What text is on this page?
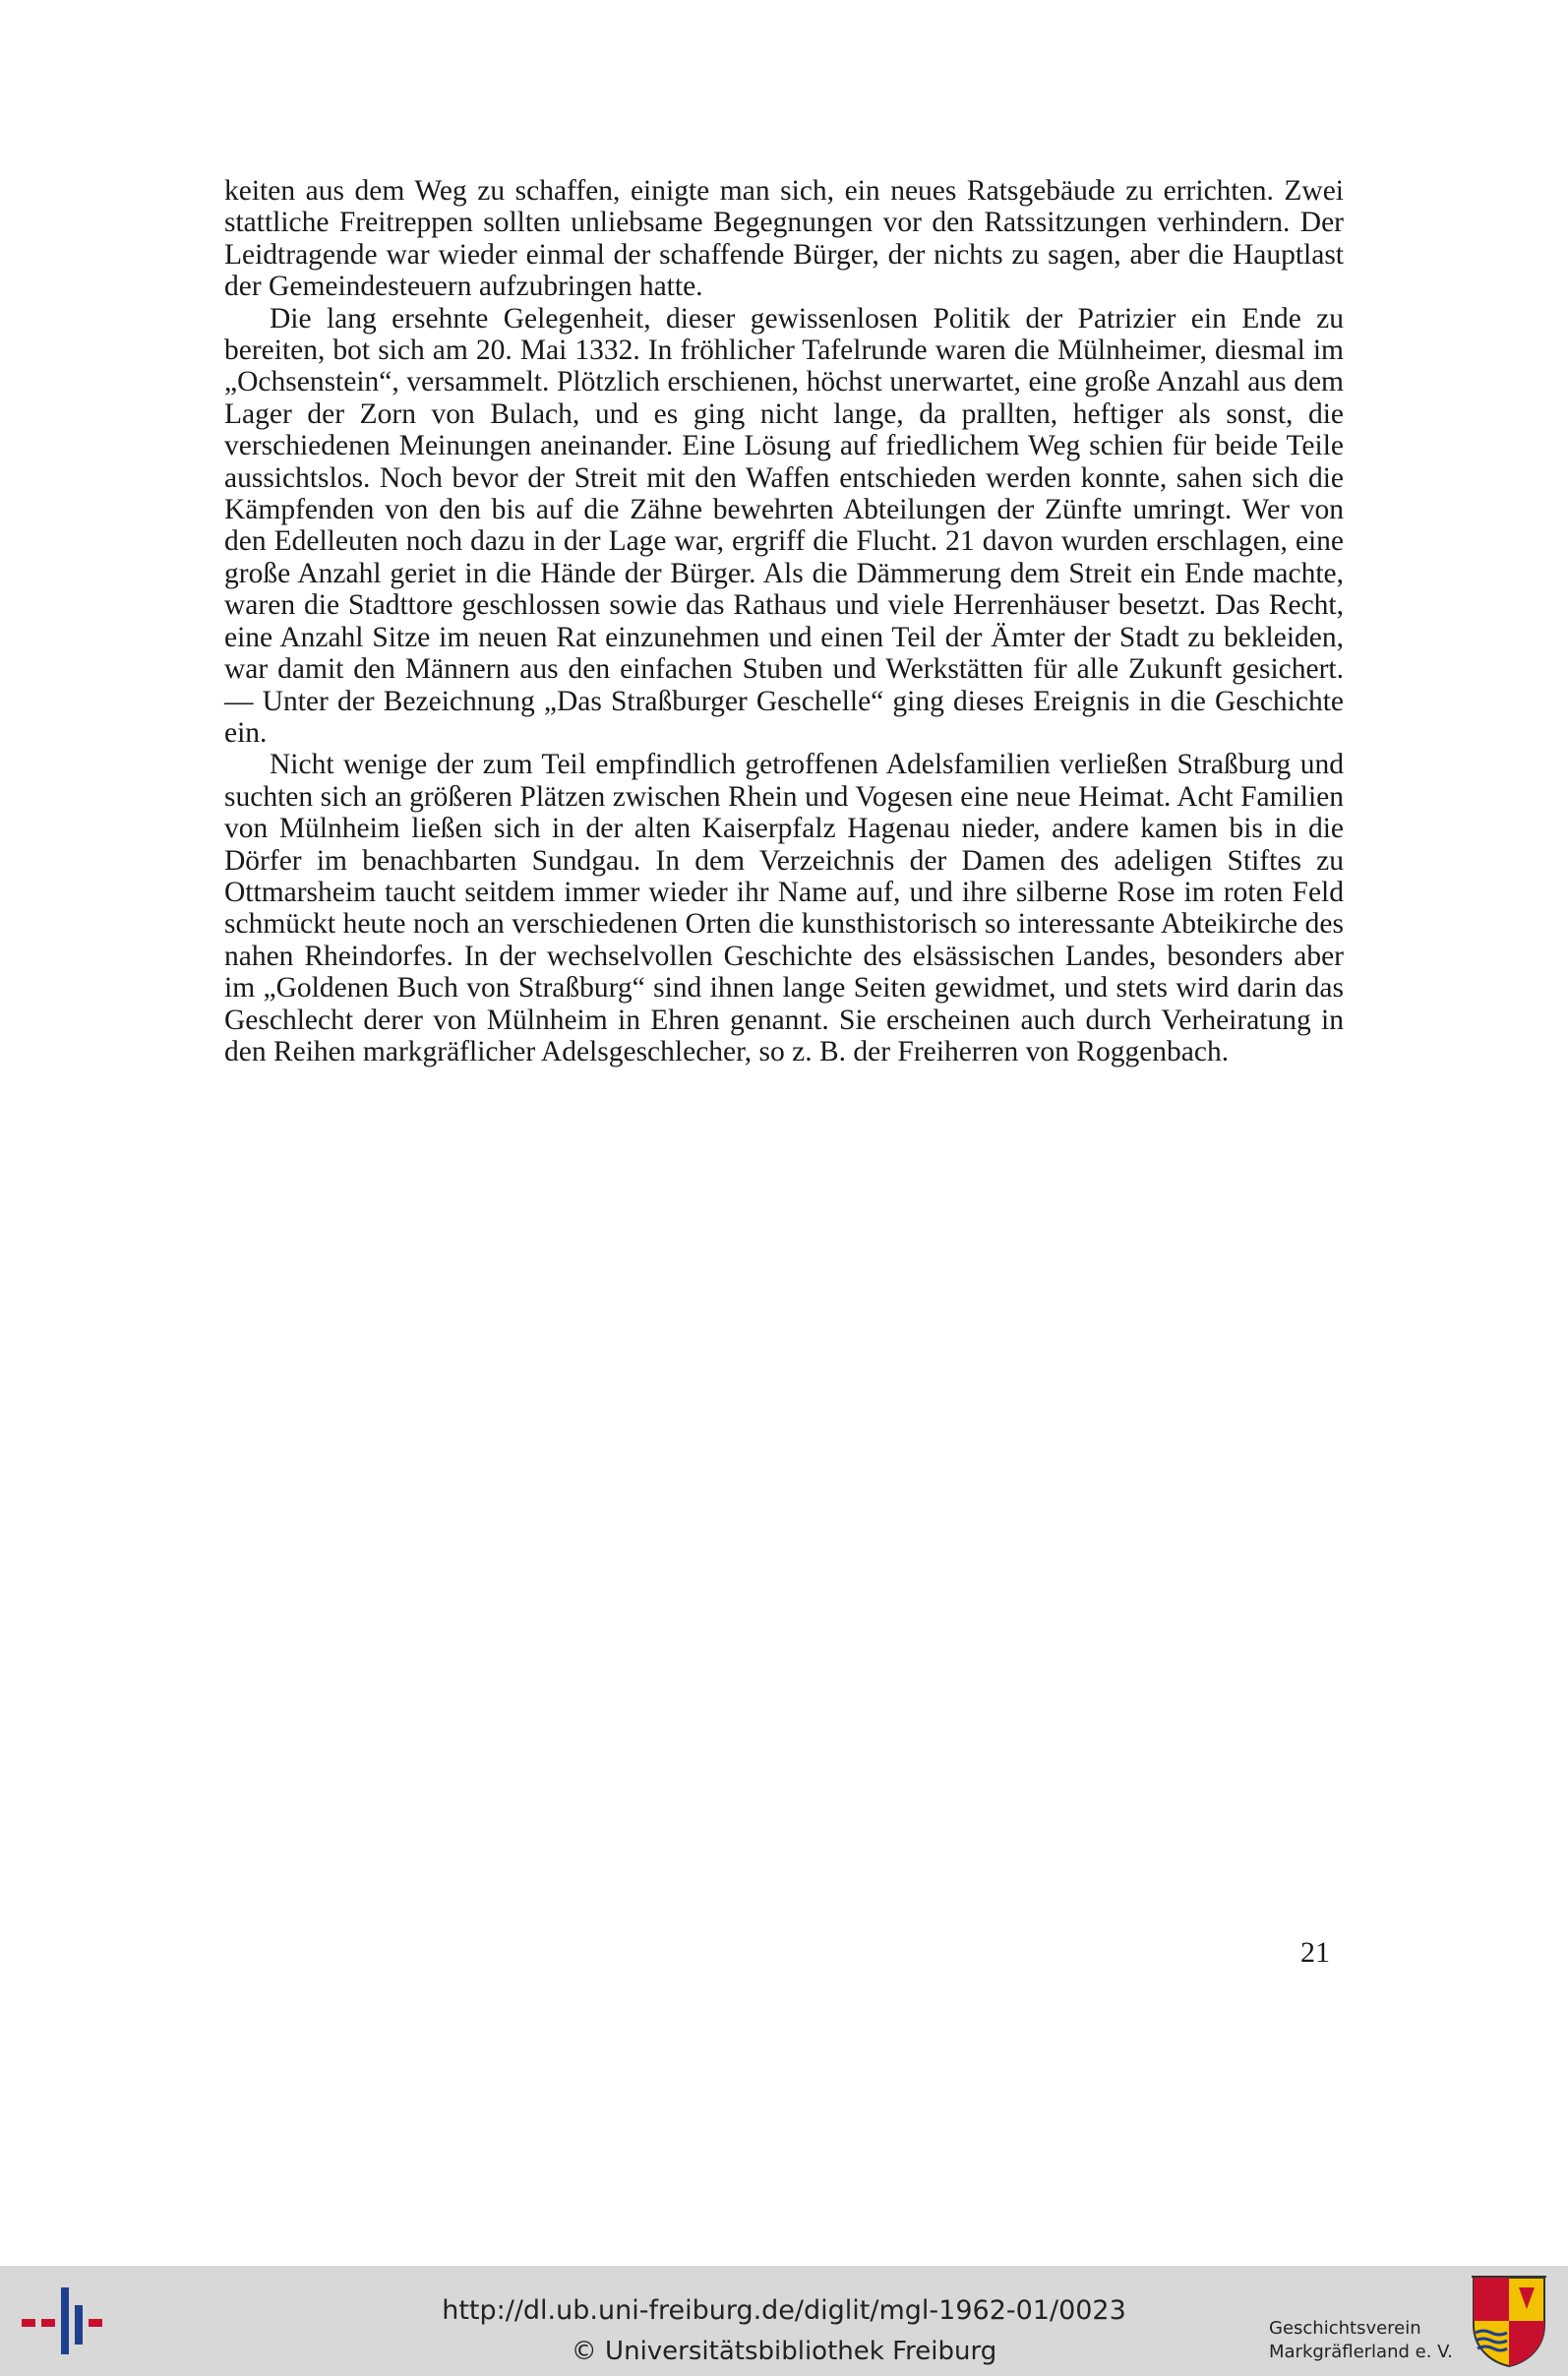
keiten aus dem Weg zu schaffen, einigte man sich, ein neues Ratsgebäude zu errichten. Zwei stattliche Freitreppen sollten unliebsame Begegnungen vor den Ratssitzungen verhindern. Der Leidtragende war wieder einmal der schaffende Bürger, der nichts zu sagen, aber die Hauptlast der Gemeindesteuern aufzubringen hatte.

Die lang ersehnte Gelegenheit, dieser gewissenlosen Politik der Patrizier ein Ende zu bereiten, bot sich am 20. Mai 1332. In fröhlicher Tafelrunde waren die Mülnheimer, diesmal im „Ochsenstein“, versammelt. Plötzlich erschienen, höchst unerwartet, eine große Anzahl aus dem Lager der Zorn von Bulach, und es ging nicht lange, da prallten, heftiger als sonst, die verschiedenen Meinungen aneinander. Eine Lösung auf friedlichem Weg schien für beide Teile aussichtslos. Noch bevor der Streit mit den Waffen entschieden werden konnte, sahen sich die Kämpfenden von den bis auf die Zähne bewehrten Abteilungen der Zünfte umringt. Wer von den Edelleuten noch dazu in der Lage war, ergriff die Flucht. 21 davon wurden erschlagen, eine große Anzahl geriet in die Hände der Bürger. Als die Dämmerung dem Streit ein Ende machte, waren die Stadttore geschlossen sowie das Rathaus und viele Herrenhäuser besetzt. Das Recht, eine Anzahl Sitze im neuen Rat einzunehmen und einen Teil der Ämter der Stadt zu bekleiden, war damit den Männern aus den einfachen Stuben und Werkstätten für alle Zukunft gesichert. — Unter der Bezeichnung „Das Straßburger Geschelle“ ging dieses Ereignis in die Geschichte ein.

Nicht wenige der zum Teil empfindlich getroffenen Adelsfamilien verließen Straßburg und suchten sich an größeren Plätzen zwischen Rhein und Vogesen eine neue Heimat. Acht Familien von Mülnheim ließen sich in der alten Kaiserpfalz Hagenau nieder, andere kamen bis in die Dörfer im benachbarten Sundgau. In dem Verzeichnis der Damen des adeligen Stiftes zu Ottmarsheim taucht seitdem immer wieder ihr Name auf, und ihre silberne Rose im roten Feld schmückt heute noch an verschiedenen Orten die kunsthistorisch so interessante Abteikirche des nahen Rheindorfes. In der wechselvollen Geschichte des elsässischen Landes, besonders aber im „Goldenen Buch von Straßburg“ sind ihnen lange Seiten gewidmet, und stets wird darin das Geschlecht derer von Mülnheim in Ehren genannt. Sie erscheinen auch durch Verheiratung in den Reihen markgräflicher Adelsgeschlecher, so z. B. der Freiherren von Roggenbach.

21
http://dl.ub.uni-freiburg.de/diglit/mgl-1962-01/0023
© Universitätsbibliothek Freiburg
Geschichtsverein
Markgräflerland e. V.
